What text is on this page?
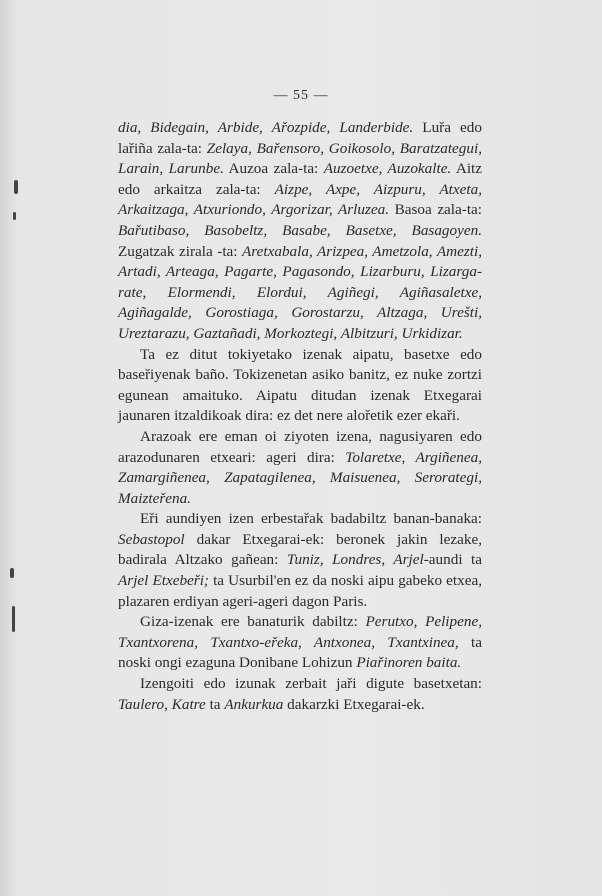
— 55 —

dia, Bidegain, Arbide, Ařozpide, Landerbide. Luřa edo lařiña zala-ta: Zelaya, Bařensoro, Goikosolo, Baratzategui, Larain, Larunbe. Auzoa zala-ta: Auzoetxe, Auzokalte. Aitz edo arkaitza zala-ta: Aizpe, Axpe, Aizpuru, Atxeta, Arkaitzaga, Atxuriondo, Argorizar, Arluzea. Basoa zala-ta: Bařutibaso, Basobeltz, Basabe, Basetxe, Basagoyen. Zugatzak zirala -ta: Aretxabala, Arizpea, Ametzola, Amezti, Artadi, Arteaga, Pagarte, Pagasondo, Lizarburu, Lizargarate, Elormendi, Elordui, Agiñegi, Agiñasaletxe, Agiñagalde, Gorostiaga, Gorostarzu, Altzaga, Urešti, Ureztarazu, Gaztañadi, Morkoztegi, Albitzuri, Urkidizar.

Ta ez ditut tokiyetako izenak aipatu, basetxe edo baseřiyenak baño. Tokizenetan asiko banitz, ez nuke zortzi egunean amaituko. Aipatu ditudan izenak Etxegarai jaunaren itzaldikoak dira: ez det nere alořetik ezer ekaři.

Arazoak ere eman oi ziyoten izena, nagusiyaren edo arazodunaren etxeari: ageri dira: Tolaretxe, Argiñenea, Zamargiñenea, Zapatagilenea, Maisuenea, Serorategi, Maizteřena.

Eři aundiyen izen erbestařak badabiltz banan-banaka: Sebastopol dakar Etxegarai-ek: beronek jakin lezake, badirala Altzako gañean: Tuniz, Londres, Arjel-aundi ta Arjel Etxebeři; ta Usurbil'en ez da noski aipu gabeko etxea, plazaren erdiyan ageri-ageri dagon Paris.

Giza-izenak ere banaturik dabiltz: Perutxo, Pelipene, Txantxorena, Txantxo-eřeka, Antxonea, Txantxinea, ta noski ongi ezaguna Donibane Lohizun Piařinoren baita.

Izengoiti edo izunak zerbait jaři digute basetxetan: Taulero, Katre ta Ankurkua dakarzki Etxegarai-ek.
